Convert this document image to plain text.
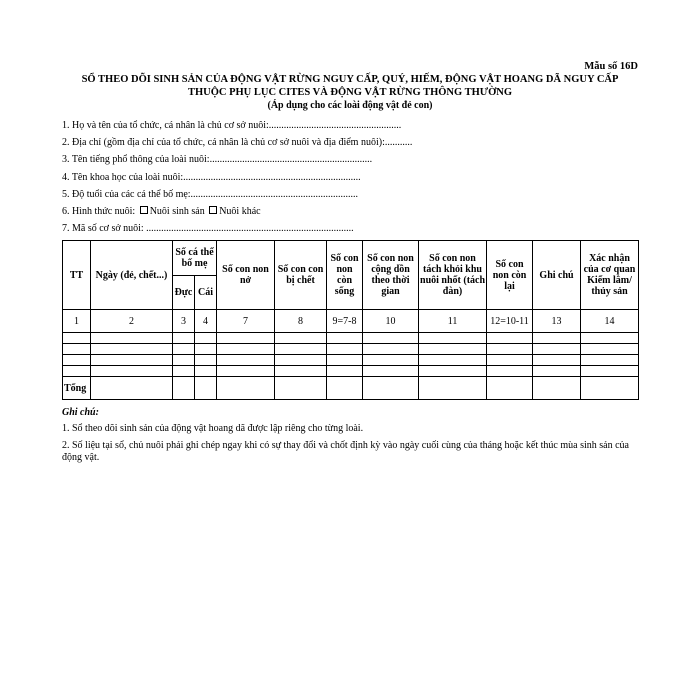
Mẫu số 16D
SỔ THEO DÕI SINH SẢN CỦA ĐỘNG VẬT RỪNG NGUY CẤP, QUÝ, HIẾM, ĐỘNG VẬT HOANG DÃ NGUY CẤP
THUỘC PHỤ LỤC CITES VÀ ĐỘNG VẬT RỪNG THÔNG THƯỜNG
(Áp dụng cho các loài động vật đẻ con)
1. Họ và tên của tổ chức, cá nhân là chủ cơ sở nuôi:.....................................................
2. Địa chỉ (gồm địa chỉ của tổ chức, cá nhân là chủ cơ sở nuôi và địa điểm nuôi):...........
3. Tên tiếng phổ thông của loài nuôi:.................................................................
4. Tên khoa học của loài nuôi:.......................................................................
5. Độ tuổi của các cá thể bố mẹ:...................................................................
6. Hình thức nuôi: Nuôi sinh sản Nuôi khác
7. Mã số cơ sở nuôi: ...................................................................................
TT	Ngày (đẻ, chết...)	Số cá thể bố mẹ		Số con non nở	Số con con bị chết	Số con non còn sống	Số con non cộng dồn theo thời gian	Số con non tách khỏi khu nuôi nhốt (tách đàn)	Số con non còn lại	Ghi chú	Xác nhận của cơ quan Kiểm lâm/ thủy sản
		Đực	Cái								
1	2	3	4	7	8	9=7-8	10	11	12=10-11	13	14

Tổng											
Ghi chú:
1. Sổ theo dõi sinh sản của động vật hoang dã được lập riêng cho từng loài.
2. Số liệu tại sổ, chủ nuôi phải ghi chép ngay khi có sự thay đổi và chốt định kỳ vào ngày cuối cùng của tháng hoặc kết thúc mùa sinh sản của động vật.
